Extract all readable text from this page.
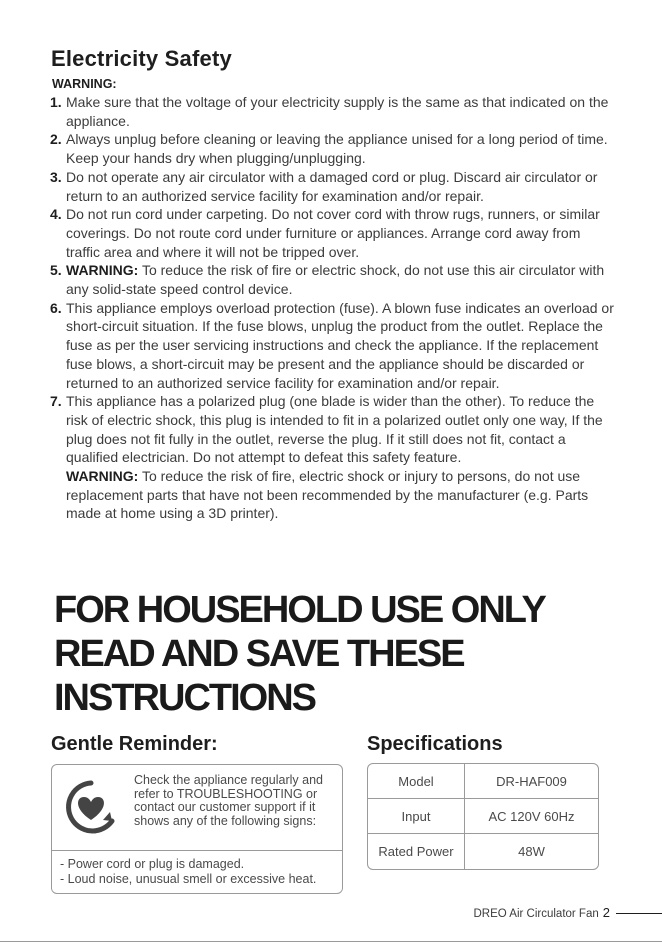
Electricity Safety
WARNING:
1. Make sure that the voltage of your electricity supply is the same as that indicated on the appliance.
2. Always unplug before cleaning or leaving the appliance unised for a long period of time. Keep your hands dry when plugging/unplugging.
3. Do not operate any air circulator with a damaged cord or plug. Discard air circulator or return to an authorized service facility for examination and/or repair.
4. Do not run cord under carpeting. Do not cover cord with throw rugs, runners, or similar coverings. Do not route cord under furniture or appliances. Arrange cord away from traffic area and where it will not be tripped over.
5. WARNING: To reduce the risk of fire or electric shock, do not use this air circulator with any solid-state speed control device.
6. This appliance employs overload protection (fuse). A blown fuse indicates an overload or short-circuit situation. If the fuse blows, unplug the product from the outlet. Replace the fuse as per the user servicing instructions and check the appliance. If the replacement fuse blows, a short-circuit may be present and the appliance should be discarded or returned to an authorized service facility for examination and/or repair.
7. This appliance has a polarized plug (one blade is wider than the other). To reduce the risk of electric shock, this plug is intended to fit in a polarized outlet only one way, If the plug does not fit fully in the outlet, reverse the plug. If it still does not fit, contact a qualified electrician. Do not attempt to defeat this safety feature.
WARNING: To reduce the risk of fire, electric shock or injury to persons, do not use replacement parts that have not been recommended by the manufacturer (e.g. Parts made at home using a 3D printer).
FOR HOUSEHOLD USE ONLY
READ AND SAVE THESE
INSTRUCTIONS
Gentle Reminder:	Specifications
Check the appliance regularly and refer to TROUBLESHOOTING or contact our customer support if it shows any of the following signs:
- Power cord or plug is damaged.
- Loud noise, unusual smell or excessive heat.
Model	DR-HAF009
Input	AC 120V 60Hz
Rated Power	48W
DREO Air Circulator Fan 2
